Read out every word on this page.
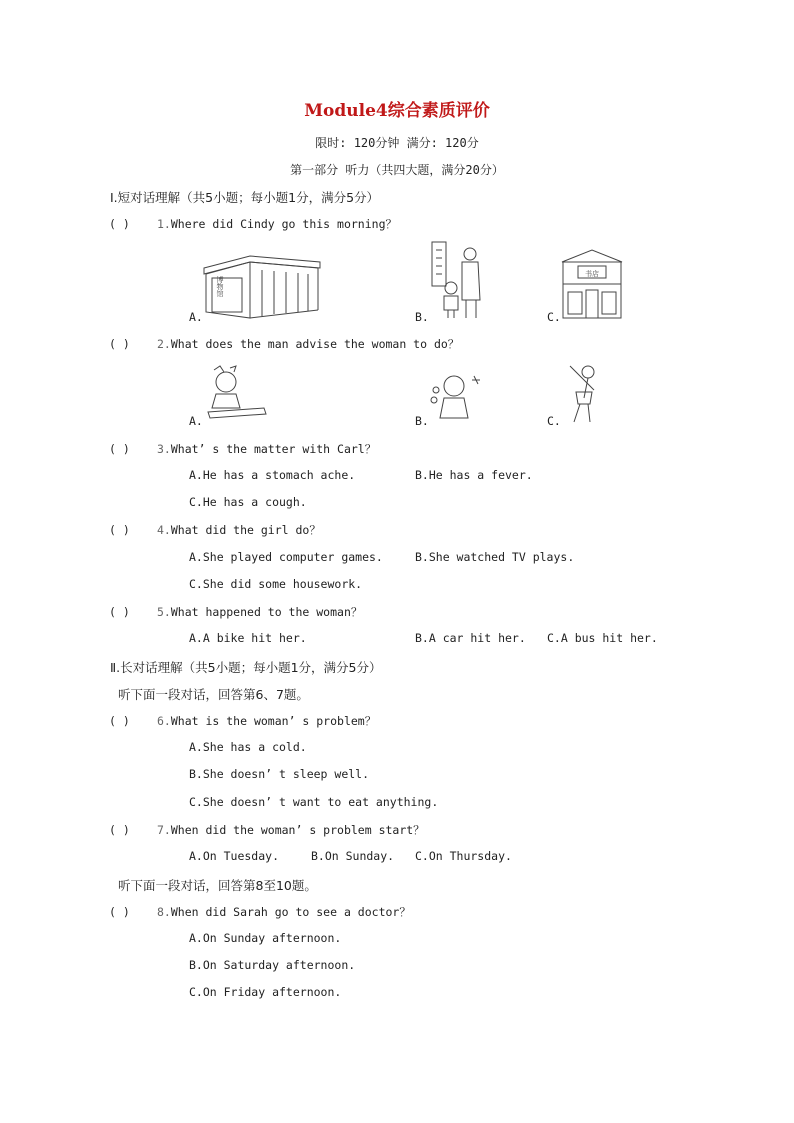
Module4综合素质评价
限时: 120分钟 满分: 120分
第一部分 听力（共四大题，满分20分）
Ⅰ.短对话理解（共5小题；每小题1分，满分5分）
( ) 1.Where did Cindy go this morning？
博物馆
A.	B.
书店
C.
( ) 2.What does the man advise the woman to do？
A.	B.	C.
( ) 3.What’ s the matter with Carl？
A.He has a stomach ache.	B.He has a fever.
C.He has a cough.
( ) 4.What did the girl do？
A.She played computer games.	B.She watched TV plays.
C.She did some housework.
( ) 5.What happened to the woman？
A.A bike hit her.	B.A car hit her. C.A bus hit her.
Ⅱ.长对话理解（共5小题；每小题1分，满分5分）
听下面一段对话，回答第6、7题。
( ) 6.What is the woman’ s problem？
A.She has a cold.
B.She doesn’ t sleep well.
C.She doesn’ t want to eat anything.
( ) 7.When did the woman’ s problem start？
A.On Tuesday.	B.On Sunday. C.On Thursday.
听下面一段对话，回答第8至10题。
( ) 8.When did Sarah go to see a doctor？
A.On Sunday afternoon.
B.On Saturday afternoon.
C.On Friday afternoon.
